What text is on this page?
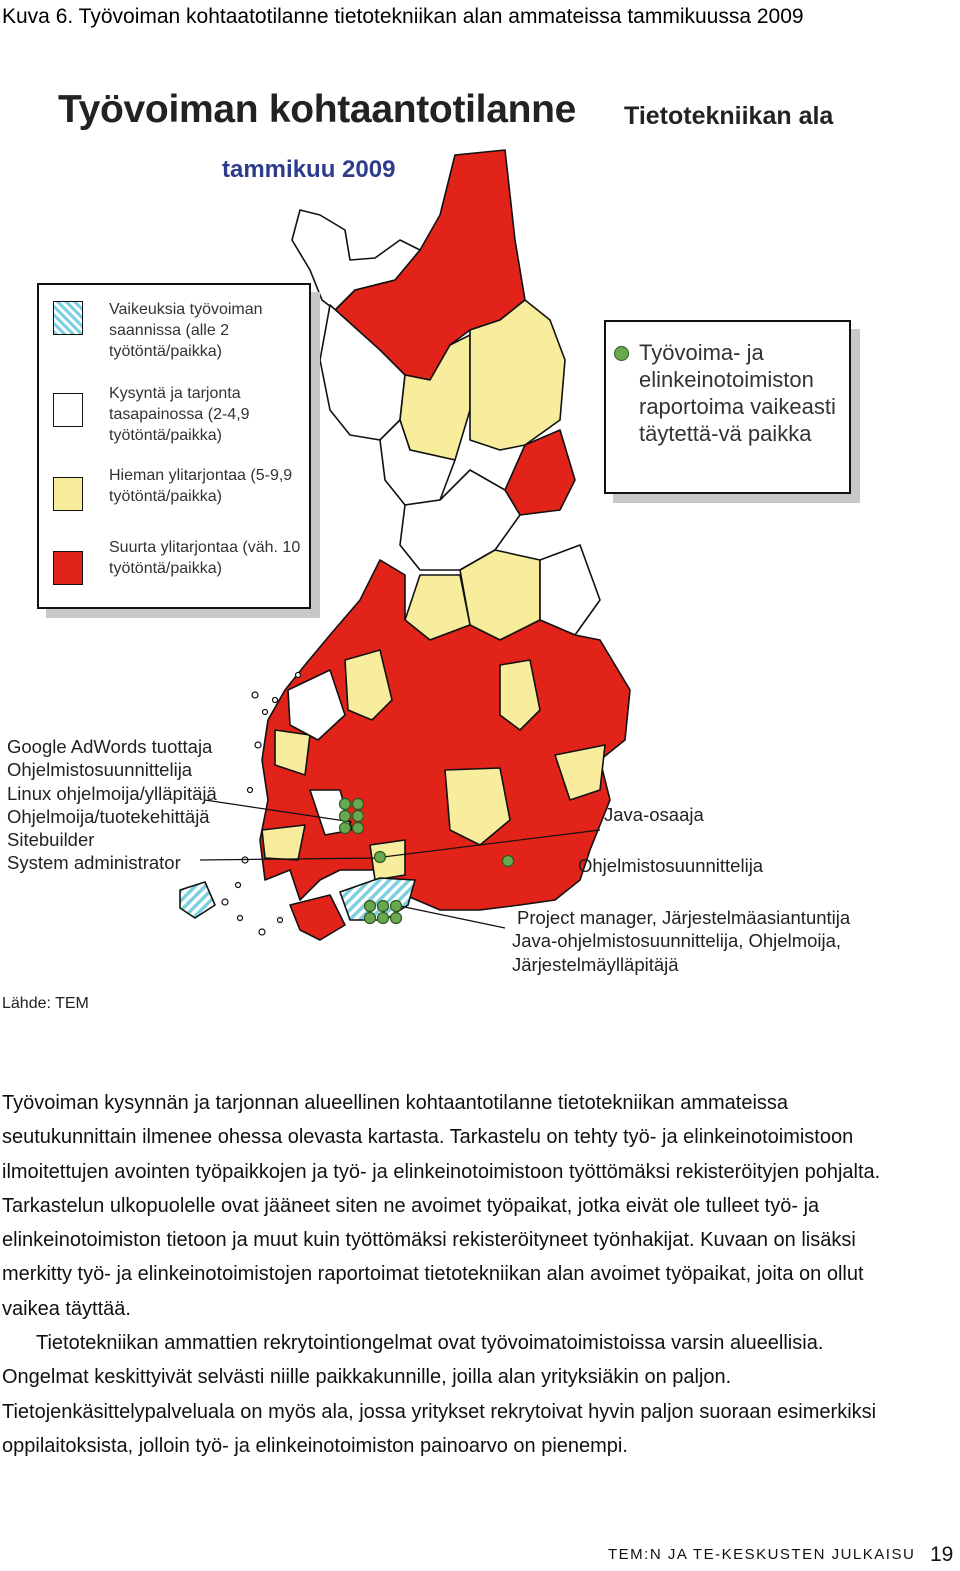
Kuva 6. Työvoiman kohtaatotilanne tietotekniikan alan ammateissa tammikuussa 2009
Työvoiman kohtaantotilanne Tietotekniikan ala
tammikuu 2009
Vaikeuksia työvoiman saannissa (alle 2 työtöntä/paikka)
Kysyntä ja tarjonta tasapainossa (2-4,9 työtöntä/paikka)
Hieman ylitarjontaa (5-9,9 työtöntä/paikka)
Suurta ylitarjontaa (väh. 10 työtöntä/paikka)
Työvoima- ja elinkeinotoimiston raportoima vaikeasti täytettä-vä paikka
Google AdWords tuottaja
Ohjelmistosuunnittelija
Linux ohjelmoija/ylläpitäjä
Ohjelmoija/tuotekehittäjä
Sitebuilder
System administrator
Java-osaaja
Ohjelmistosuunnittelija
Project manager, Järjestelmäasiantuntija
Java-ohjelmistosuunnittelija, Ohjelmoija,
Järjestelmäylläpitäjä
Lähde: TEM

Työvoiman kysynnän ja tarjonnan alueellinen kohtaantotilanne tietotekniikan ammateissa seutukunnittain ilmenee ohessa olevasta kartasta. Tarkastelu on tehty työ- ja elinkeinotoimistoon ilmoitettujen avointen työpaikkojen ja työ- ja elinkeinotoimistoon työttömäksi rekisteröityjen pohjalta. Tarkastelun ulkopuolelle ovat jääneet siten ne avoimet työpaikat, jotka eivät ole tulleet työ- ja elinkeinotoimiston tietoon ja muut kuin työttömäksi rekisteröityneet työnhakijat. Kuvaan on lisäksi merkitty työ- ja elinkeinotoimistojen raportoimat tietotekniikan alan avoimet työpaikat, joita on ollut vaikea täyttää.

Tietotekniikan ammattien rekrytointiongelmat ovat työvoimatoimistoissa varsin alueellisia. Ongelmat keskittyivät selvästi niille paikkakunnille, joilla alan yrityksiäkin on paljon. Tietojenkäsittelypalveluala on myös ala, jossa yritykset rekrytoivat hyvin paljon suoraan esimerkiksi oppilaitoksista, jolloin työ- ja elinkeinotoimiston painoarvo on pienempi.

TEM:N JA TE-KESKUSTEN JULKAISU 19
